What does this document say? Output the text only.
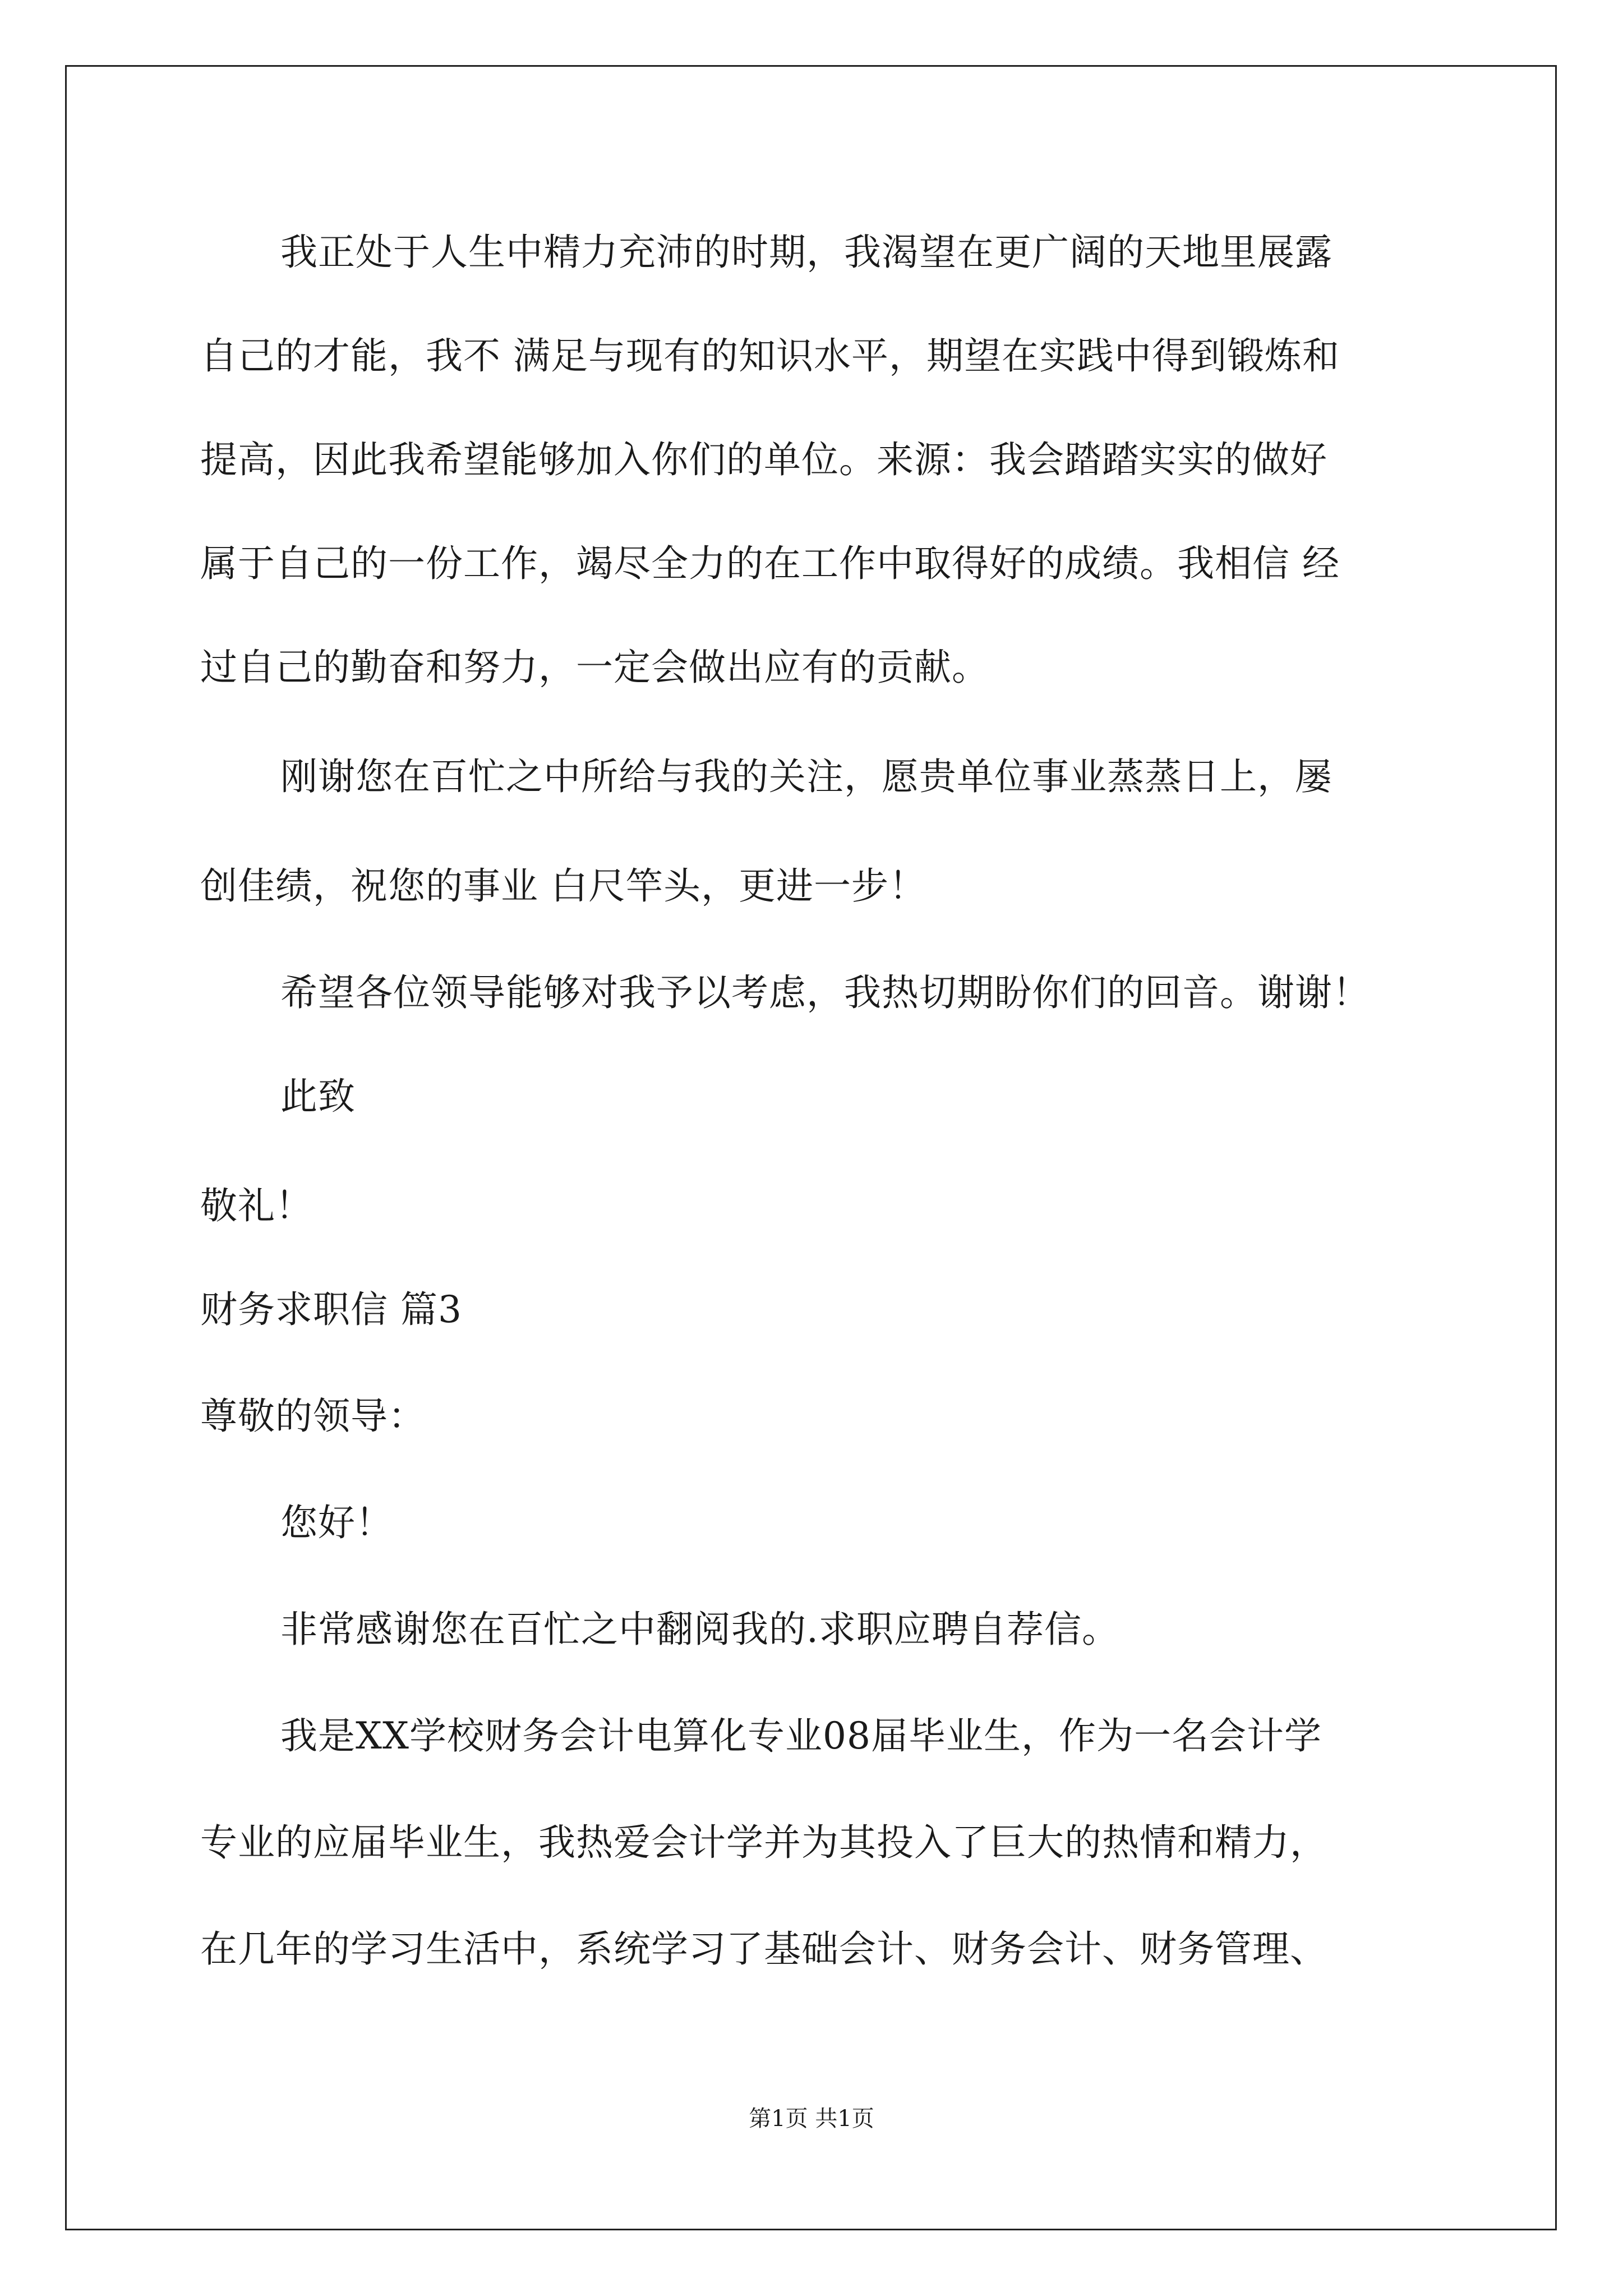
我正处于人生中精力充沛的时期，我渴望在更广阔的天地里展露
自己的才能，我不 满足与现有的知识水平，期望在实践中得到锻炼和
提高，因此我希望能够加入你们的单位。来源：我会踏踏实实的做好
属于自己的一份工作，竭尽全力的在工作中取得好的成绩。我相信 经
过自己的勤奋和努力，一定会做出应有的贡献。
刚谢您在百忙之中所给与我的关注，愿贵单位事业蒸蒸日上，屡
创佳绩，祝您的事业 白尺竿头，更进一步！
希望各位领导能够对我予以考虑，我热切期盼你们的回音。谢谢！
此致
敬礼！
财务求职信 篇3
尊敬的领导：
您好！
非常感谢您在百忙之中翻阅我的.求职应聘自荐信。
我是XX学校财务会计电算化专业08届毕业生，作为一名会计学
专业的应届毕业生，我热爱会计学并为其投入了巨大的热情和精力，
在几年的学习生活中，系统学习了基础会计、财务会计、财务管理、
第1页 共1页
